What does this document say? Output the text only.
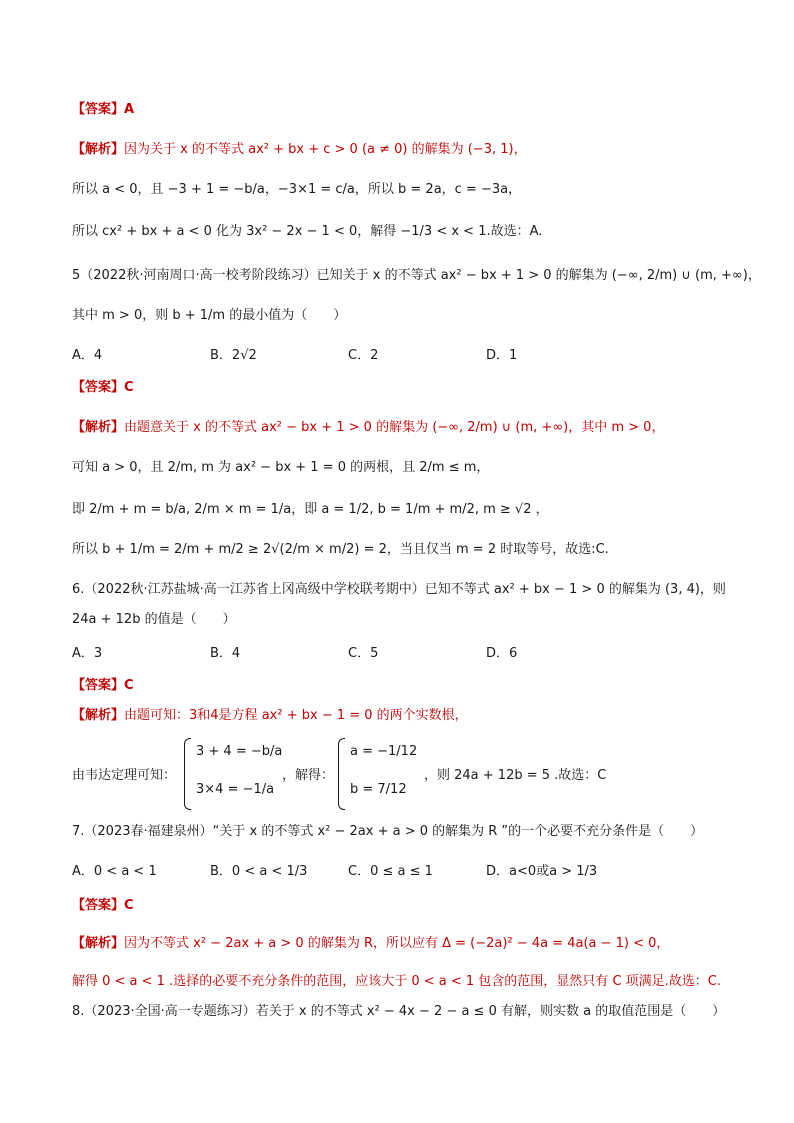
【答案】A
【解析】因为关于 x 的不等式 ax² + bx + c > 0 (a ≠ 0) 的解集为 (−3, 1)，
所以 a < 0，且 −3 + 1 = −b/a，−3×1 = c/a，所以 b = 2a，c = −3a，
所以 cx² + bx + a < 0 化为 3x² − 2x − 1 < 0，解得 −1/3 < x < 1.故选：A.
5（2022秋·河南周口·高一校考阶段练习）已知关于 x 的不等式 ax² − bx + 1 > 0 的解集为 (−∞, 2/m) ∪ (m, +∞)，
其中 m > 0，则 b + 1/m 的最小值为（　　）
A．4	B．2√2	C．2	D．1
【答案】C
【解析】由题意关于 x 的不等式 ax² − bx + 1 > 0 的解集为 (−∞, 2/m) ∪ (m, +∞)，其中 m > 0，
可知 a > 0，且 2/m, m 为 ax² − bx + 1 = 0 的两根，且 2/m ≤ m，
即 2/m + m = b/a, 2/m × m = 1/a，即 a = 1/2, b = 1/m + m/2, m ≥ √2 ，
所以 b + 1/m = 2/m + m/2 ≥ 2√(2/m × m/2) = 2，当且仅当 m = 2 时取等号，故选:C.
6.（2022秋·江苏盐城·高一江苏省上冈高级中学校联考期中）已知不等式 ax² + bx − 1 > 0 的解集为 (3, 4)，则
24a + 12b 的值是（　　）
A．3	B．4	C．5	D．6
【答案】C
【解析】由题可知：3和4是方程 ax² + bx − 1 = 0 的两个实数根，
由韦达定理可知：
3 + 4 = −b/a
3×4 = −1/a
，解得：
a = −1/12
b = 7/12
，则 24a + 12b = 5 .故选：C
7.（2023春·福建泉州）“关于 x 的不等式 x² − 2ax + a > 0 的解集为 R ”的一个必要不充分条件是（　　）
A．0 < a < 1	B．0 < a < 1/3	C．0 ≤ a ≤ 1	D．a<0或a > 1/3
【答案】C
【解析】因为不等式 x² − 2ax + a > 0 的解集为 R，所以应有 Δ = (−2a)² − 4a = 4a(a − 1) < 0，
解得 0 < a < 1 .选择的必要不充分条件的范围，应该大于 0 < a < 1 包含的范围，显然只有 C 项满足.故选：C.
8.（2023·全国·高一专题练习）若关于 x 的不等式 x² − 4x − 2 − a ≤ 0 有解，则实数 a 的取值范围是（　　）
